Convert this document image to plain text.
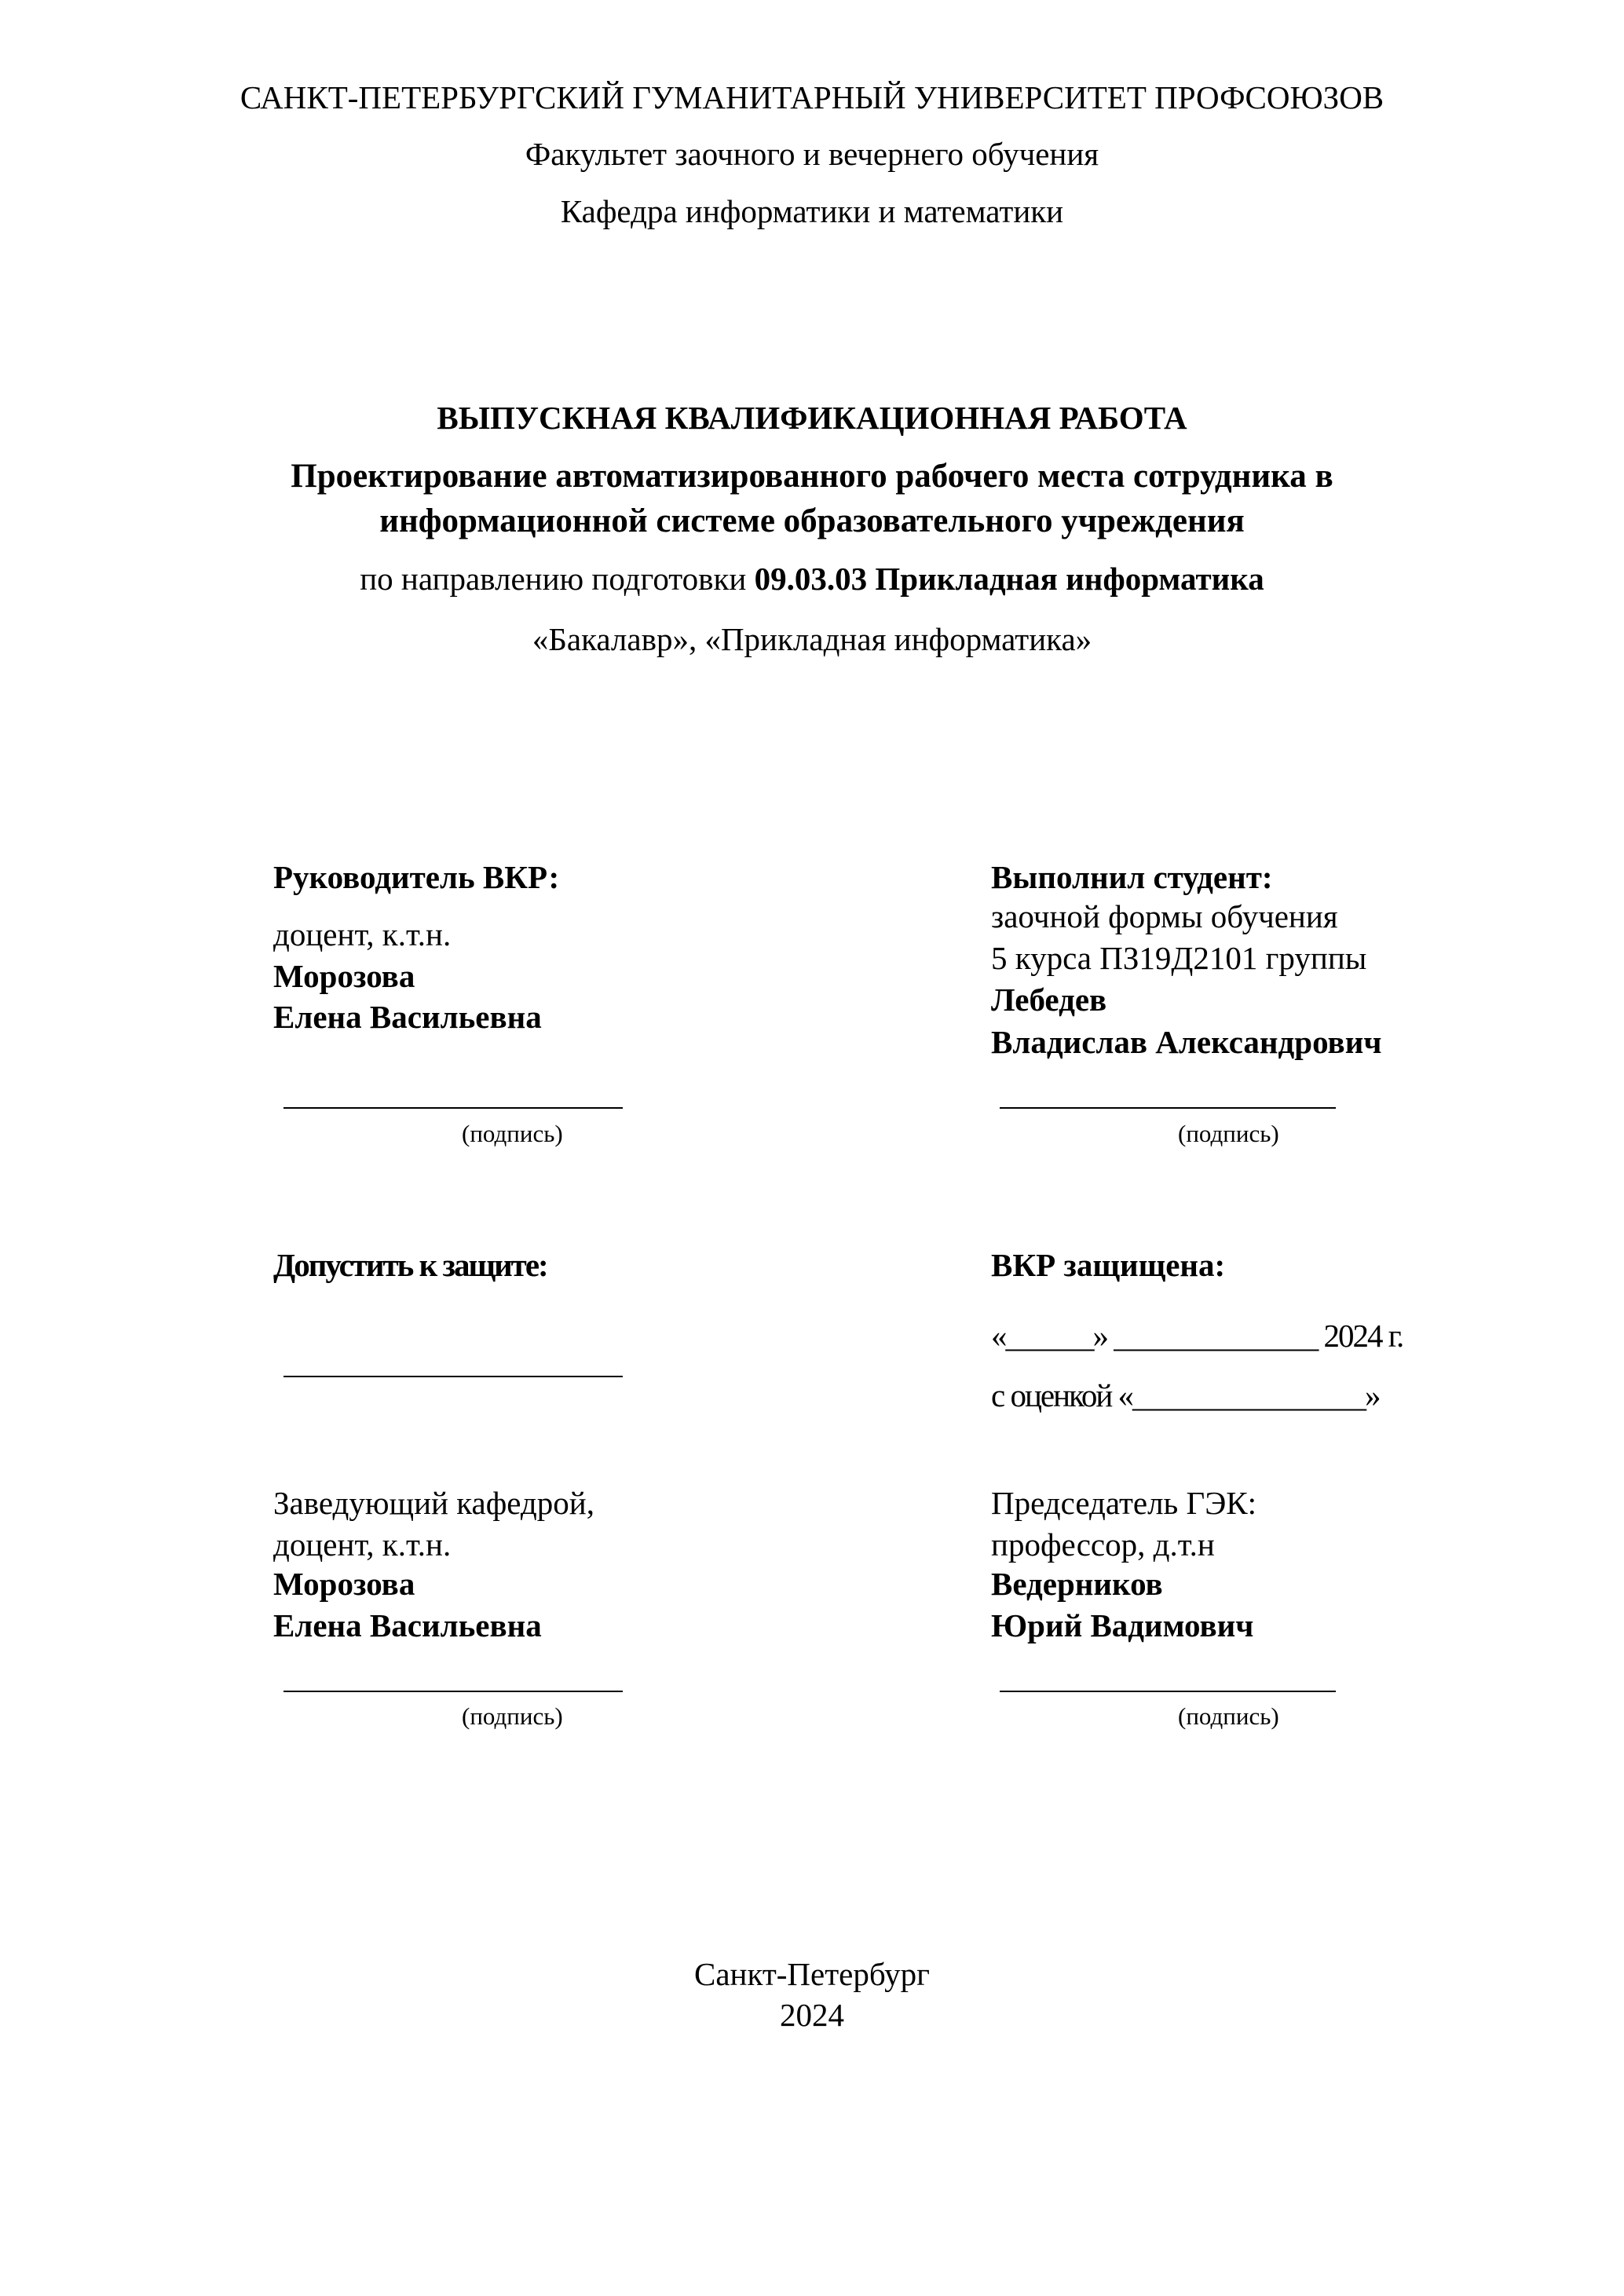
САНКТ-ПЕТЕРБУРГСКИЙ ГУМАНИТАРНЫЙ УНИВЕРСИТЕТ ПРОФСОЮЗОВ
Факультет заочного и вечернего обучения
Кафедра информатики и математики
ВЫПУСКНАЯ КВАЛИФИКАЦИОННАЯ РАБОТА
Проектирование автоматизированного рабочего места сотрудника в
информационной системе образовательного учреждения
по направлению подготовки 09.03.03 Прикладная информатика
«Бакалавр», «Прикладная информатика»
Руководитель ВКР:
доцент, к.т.н.
Морозова
Елена Васильевна
(подпись)
Выполнил студент:
заочной формы обучения
5 курса ПЗ19Д2101 группы
Лебедев
Владислав Александрович
(подпись)
Допустить к защите:	ВКР защищена:
«______» ______________ 2024 г.
с оценкой «________________»
Заведующий кафедрой,
доцент, к.т.н.
Морозова
Елена Васильевна
(подпись)
Председатель ГЭК:
профессор, д.т.н
Ведерников
Юрий Вадимович
(подпись)
Санкт-Петербург
2024
